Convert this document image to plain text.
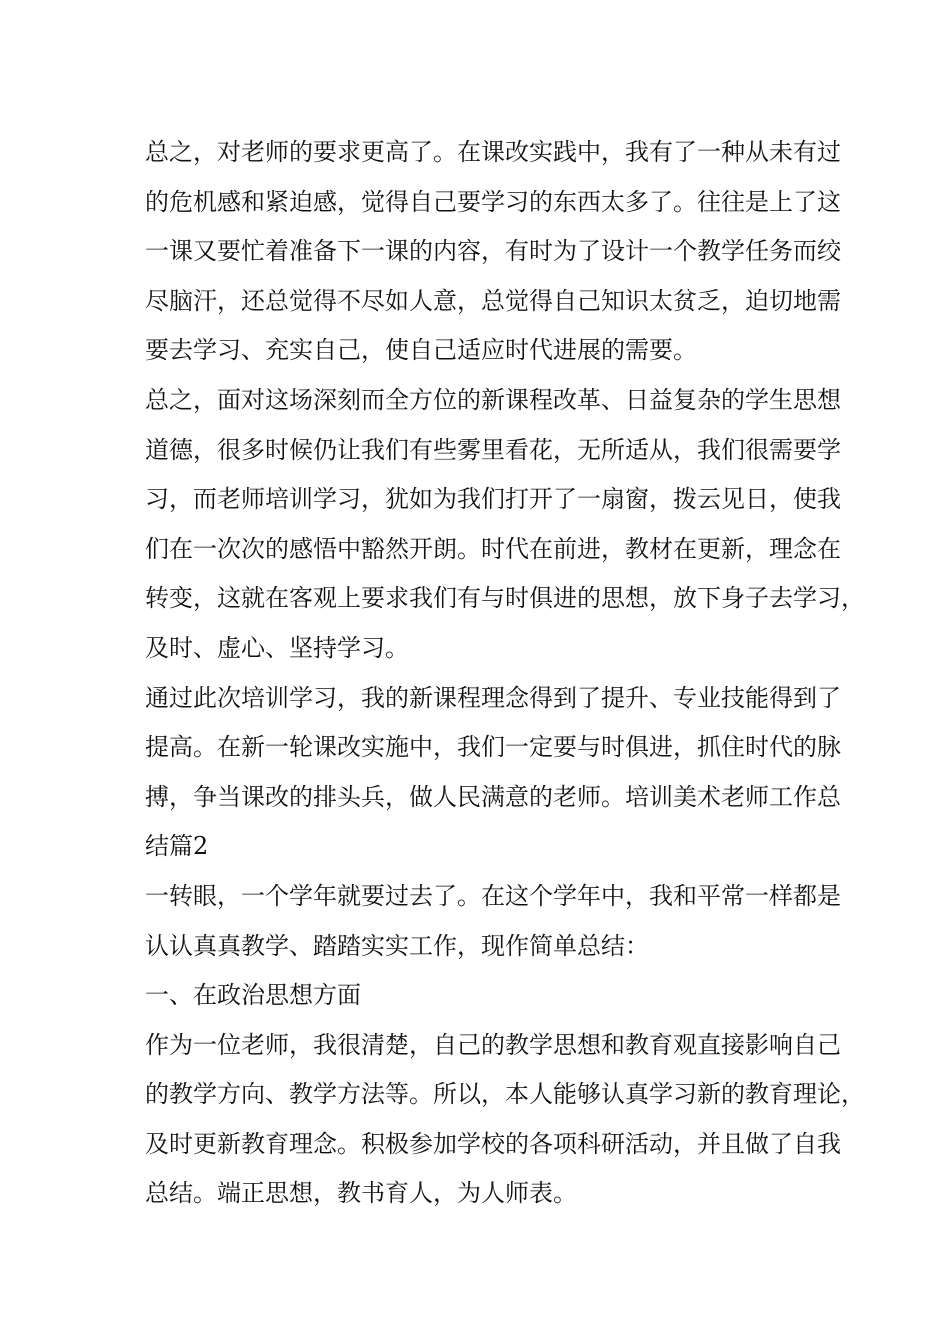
总之，对老师的要求更高了。在课改实践中，我有了一种从未有过
的危机感和紧迫感，觉得自己要学习的东西太多了。往往是上了这
一课又要忙着准备下一课的内容，有时为了设计一个教学任务而绞
尽脑汗，还总觉得不尽如人意，总觉得自己知识太贫乏，迫切地需
要去学习、充实自己，使自己适应时代进展的需要。
总之，面对这场深刻而全方位的新课程改革、日益复杂的学生思想
道德，很多时候仍让我们有些雾里看花，无所适从，我们很需要学
习，而老师培训学习，犹如为我们打开了一扇窗，拨云见日，使我
们在一次次的感悟中豁然开朗。时代在前进，教材在更新，理念在
转变，这就在客观上要求我们有与时俱进的思想，放下身子去学习，
及时、虚心、坚持学习。
通过此次培训学习，我的新课程理念得到了提升、专业技能得到了
提高。在新一轮课改实施中，我们一定要与时俱进，抓住时代的脉
搏，争当课改的排头兵，做人民满意的老师。培训美术老师工作总
结篇2
一转眼，一个学年就要过去了。在这个学年中，我和平常一样都是
认认真真教学、踏踏实实工作，现作简单总结：
一、在政治思想方面
作为一位老师，我很清楚，自己的教学思想和教育观直接影响自己
的教学方向、教学方法等。所以，本人能够认真学习新的教育理论，
及时更新教育理念。积极参加学校的各项科研活动，并且做了自我
总结。端正思想，教书育人，为人师表。
